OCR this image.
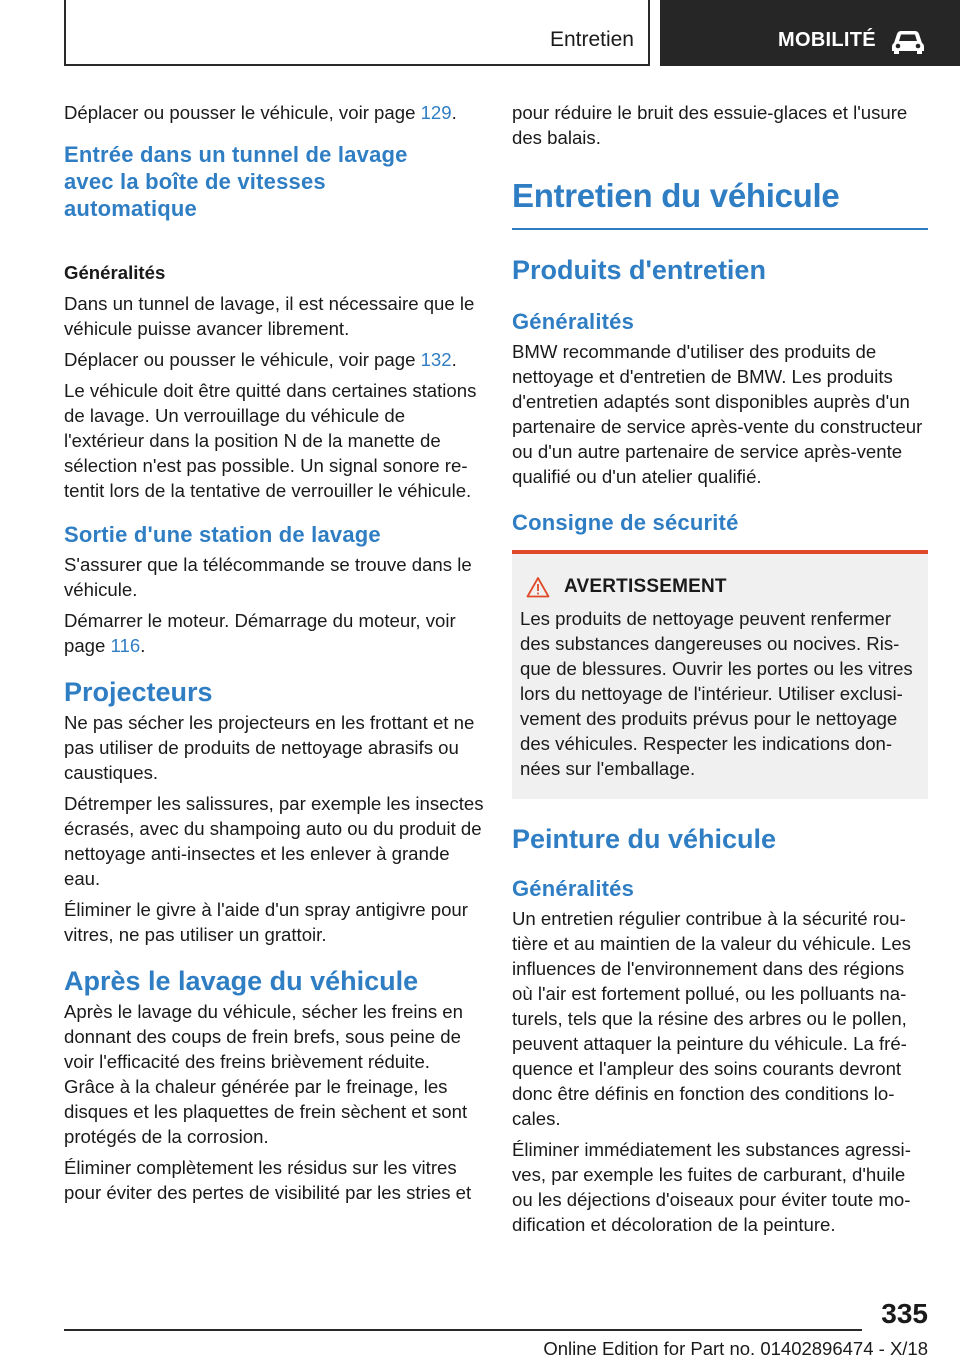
Entretien	MOBILITÉ

Déplacer ou pousser le véhicule, voir page 129.

Entrée dans un tunnel de lavage avec la boîte de vitesses automatique
Généralités

Dans un tunnel de lavage, il est nécessaire que le véhicule puisse avancer librement.

Déplacer ou pousser le véhicule, voir page 132.

Le véhicule doit être quitté dans certaines stations de lavage. Un verrouillage du véhicule de l'extérieur dans la position N de la manette de sélection n'est pas possible. Un signal sonore retentit lors de la tentative de verrouiller le véhicule.

Sortie d'une station de lavage

S'assurer que la télécommande se trouve dans le véhicule.

Démarrer le moteur. Démarrage du moteur, voir page 116.

Projecteurs

Ne pas sécher les projecteurs en les frottant et ne pas utiliser de produits de nettoyage abrasifs ou caustiques.

Détremper les salissures, par exemple les insectes écrasés, avec du shampoing auto ou du produit de nettoyage anti-insectes et les enlever à grande eau.

Éliminer le givre à l'aide d'un spray antigivre pour vitres, ne pas utiliser un grattoir.

Après le lavage du véhicule

Après le lavage du véhicule, sécher les freins en donnant des coups de frein brefs, sous peine de voir l'efficacité des freins brièvement réduite. Grâce à la chaleur générée par le freinage, les disques et les plaquettes de frein sèchent et sont protégés de la corrosion.

Éliminer complètement les résidus sur les vitres pour éviter des pertes de visibilité par les stries et

pour réduire le bruit des essuie-glaces et l'usure des balais.

Entretien du véhicule
Produits d'entretien
Généralités

BMW recommande d'utiliser des produits de nettoyage et d'entretien de BMW. Les produits d'entretien adaptés sont disponibles auprès d'un partenaire de service après-vente du constructeur ou d'un autre partenaire de service après-vente qualifié ou d'un atelier qualifié.

Consigne de sécurité
AVERTISSEMENT

Les produits de nettoyage peuvent renfermer des substances dangereuses ou nocives. Risque de blessures. Ouvrir les portes ou les vitres lors du nettoyage de l'intérieur. Utiliser exclusivement des produits prévus pour le nettoyage des véhicules. Respecter les indications données sur l'emballage.

Peinture du véhicule
Généralités

Un entretien régulier contribue à la sécurité routière et au maintien de la valeur du véhicule. Les influences de l'environnement dans des régions où l'air est fortement pollué, ou les polluants naturels, tels que la résine des arbres ou le pollen, peuvent attaquer la peinture du véhicule. La fréquence et l'ampleur des soins courants devront donc être définis en fonction des conditions locales.

Éliminer immédiatement les substances agressives, par exemple les fuites de carburant, d'huile ou les déjections d'oiseaux pour éviter toute modification et décoloration de la peinture.

335
Online Edition for Part no. 01402896474 - X/18
